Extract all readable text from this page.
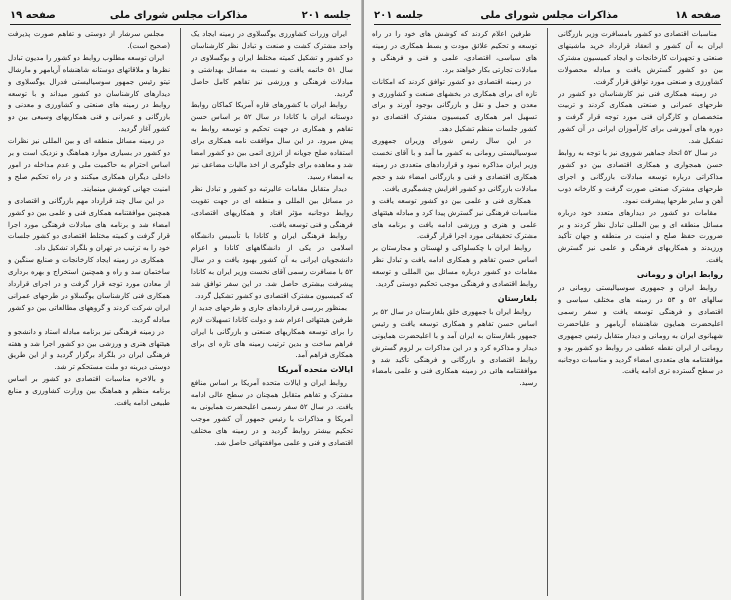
جلسه ۲۰۱
مذاکرات مجلس شورای ملی
صفحه ۱۹

ایران وزرات کشاورزی یوگسلاوی در زمینه ایجاد یک واحد مشترک کشت و صنعت و تبادل نظر کارشناسان دو کشور و تشکیل کمیته مختلط ایران و یوگسلاوی در سال ۵۱ خاتمه یافت و نسبت به مسائل بهداشتی و مبادلات فرهنگی و ورزشی نیز تفاهم کامل حاصل گردید.

روابط ایران با کشورهای قاره آمریکا کماکان روابط دوستانه ایران با کانادا در سال ۵۲ بر اساس حسن تفاهم و همکاری در جهت تحکیم و توسعه روابط به پیش میرود. در این سال موافقت نامه همکاری برای استفاده صلح جویانه از انرژی اتمی بین دو کشور امضا شد و معاهده برای جلوگیری از اخذ مالیات مضاعف نیز به امضاء رسید.

دیدار متقابل مقامات عالیرتبه دو کشور و تبادل نظر در مسائل بین المللی و منطقه ای در جهت تقویت روابط دوجانبه مؤثر افتاد و همکاریهای اقتصادی، فرهنگی و فنی توسعه یافت.

روابط فرهنگی ایران و کانادا با تأسیس دانشگاه اسلامی در یکی از دانشگاههای کانادا و اعزام دانشجویان ایرانی به آن کشور بهبود یافت و در سال ۵۲ با مسافرت رسمی آقای نخست وزیر ایران به کانادا پیشرفت بیشتری حاصل شد. در این سفر توافق شد که کمیسیون مشترک اقتصادی دو کشور تشکیل گردد.

بمنظور بررسی قراردادهای جاری و طرحهای جدید از طرفین هیئتهائی اعزام شد و دولت کانادا تسهیلات لازم را برای توسعه همکاریهای صنعتی و بازرگانی با ایران فراهم ساخت و بدین ترتیب زمینه های تازه ای برای همکاری فراهم آمد.

ایالات متحده آمریکا

روابط ایران و ایالات متحده آمریکا بر اساس منافع مشترک و تفاهم متقابل همچنان در سطح عالی ادامه یافت. در سال ۵۲ سفر رسمی اعلیحضرت همایونی به آمریکا و مذاکرات با رئیس جمهور آن کشور موجب تحکیم بیشتر روابط گردید و در زمینه های مختلف اقتصادی و فنی و علمی موافقتهائی حاصل شد.

مجلس سرشار از دوستی و تفاهم صورت پذیرفت (صحیح است).

ایران توسعه مطلوب روابط دو کشور را مدیون تبادل نظرها و ملاقاتهای دوستانه شاهنشاه آریامهر و مارشال تیتو رئیس جمهور سوسیالیستی فدرال یوگسلاوی و دیدارهای کارشناسان دو کشور میداند و با توسعه روابط در زمینه های صنعتی و کشاورزی و معدنی و بازرگانی و عمرانی و فنی همکاریهای وسیعی بین دو کشور آغاز گردید.

در زمینه مسائل منطقه ای و بین المللی نیز نظرات دو کشور در بسیاری موارد هماهنگ و نزدیک است و بر اساس احترام به حاکمیت ملی و عدم مداخله در امور داخلی دیگران همکاری میکنند و در راه تحکیم صلح و امنیت جهانی کوشش مینمایند.

در این سال چند قرارداد مهم بازرگانی و اقتصادی و همچنین موافقتنامه همکاری فنی و علمی بین دو کشور امضاء شد و برنامه های مبادلات فرهنگی مورد اجرا قرار گرفت و کمیته مختلط اقتصادی دو کشور جلسات خود را به ترتیب در تهران و بلگراد تشکیل داد.

همکاری در زمینه ایجاد کارخانجات و صنایع سنگین و ساختمان سد و راه و همچنین استخراج و بهره برداری از معادن مورد توجه قرار گرفت و در اجرای قرارداد همکاری فنی کارشناسان یوگسلاو در طرحهای عمرانی ایران شرکت کردند و گروههای مطالعاتی بین دو کشور مبادله گردید.

در زمینه فرهنگی نیز برنامه مبادله استاد و دانشجو و هیئتهای هنری و ورزشی بین دو کشور اجرا شد و هفته فرهنگی ایران در بلگراد برگزار گردید و از این طریق دوستی دیرینه دو ملت مستحکم تر شد.

و بالاخره مناسبات اقتصادی دو کشور بر اساس برنامه منظم و هماهنگ بین وزارت کشاورزی و منابع طبیعی ادامه یافت.

صفحه ۱۸
مذاکرات مجلس شورای ملی
جلسه ۲۰۱

مناسبات اقتصادی دو کشور بامسافرت وزیر بازرگانی ایران به آن کشور و انعقاد قرارداد خرید ماشینهای صنعتی و تجهیزات کارخانجات و ایجاد کمیسیون مشترک بین دو کشور گسترش یافت و مبادله محصولات کشاورزی و صنعتی مورد توافق قرار گرفت.

در زمینه همکاری فنی نیز کارشناسان دو کشور در طرحهای عمرانی و صنعتی همکاری کردند و تربیت متخصصان و کارگران فنی مورد توجه قرار گرفت و دوره های آموزشی برای کارآموزان ایرانی در آن کشور تشکیل شد.

در سال ۵۲ اتحاد جماهیر شوروی نیز با توجه به روابط حسن همجواری و همکاری اقتصادی بین دو کشور مذاکراتی درباره توسعه مبادلات بازرگانی و اجرای طرحهای مشترک صنعتی صورت گرفت و کارخانه ذوب آهن و سایر طرحها پیشرفت نمود.

مقامات دو کشور در دیدارهای متعدد خود درباره مسائل منطقه ای و بین المللی تبادل نظر کردند و بر ضرورت حفظ صلح و امنیت در منطقه و جهان تأکید ورزیدند و همکاریهای فرهنگی و علمی نیز گسترش یافت.

روابط ایران و رومانی

روابط ایران و جمهوری سوسیالیستی رومانی در سالهای ۵۲ و ۵۳ در زمینه های مختلف سیاسی و اقتصادی و فرهنگی توسعه یافت و سفر رسمی اعلیحضرت همایون شاهنشاه آریامهر و علیاحضرت شهبانوی ایران به رومانی و دیدار متقابل رئیس جمهوری رومانی از ایران نقطه عطفی در روابط دو کشور بود و موافقتنامه های متعددی امضاء گردید و مناسبات دوجانبه در سطح گسترده تری ادامه یافت.

طرفین اعلام کردند که کوشش های خود را در راه توسعه و تحکیم علائق مودت و بسط همکاری در زمینه های سیاسی، اقتصادی، علمی و فنی و فرهنگی و مبادلات تجارتی بکار خواهند برد.

در زمینه اقتصادی دو کشور توافق کردند که امکانات تازه ای برای همکاری در بخشهای صنعت و کشاورزی و معدن و حمل و نقل و بازرگانی بوجود آورند و برای تسهیل امر همکاری کمیسیون مشترک اقتصادی دو کشور جلسات منظم تشکیل دهد.

در این سال رئیس شورای وزیران جمهوری سوسیالیستی رومانی به کشور ما آمد و با آقای نخست وزیر ایران مذاکره نمود و قراردادهای متعددی در زمینه همکاری اقتصادی و فنی و بازرگانی امضاء شد و حجم مبادلات بازرگانی دو کشور افزایش چشمگیری یافت.

همکاری فنی و علمی بین دو کشور توسعه یافت و مناسبات فرهنگی نیز گسترش پیدا کرد و مبادله هیئتهای علمی و هنری و ورزشی ادامه یافت و برنامه های مشترک تحقیقاتی مورد اجرا قرار گرفت.

روابط ایران با چکسلواکی و لهستان و مجارستان بر اساس حسن تفاهم و همکاری ادامه یافت و تبادل نظر مقامات دو کشور درباره مسائل بین المللی و توسعه روابط اقتصادی و فرهنگی موجب تحکیم دوستی گردید.

بلغارستان

روابط ایران با جمهوری خلق بلغارستان در سال ۵۲ بر اساس حسن تفاهم و همکاری توسعه یافت و رئیس جمهور بلغارستان به ایران آمد و با اعلیحضرت همایونی دیدار و مذاکره کرد و در این مذاکرات بر لزوم گسترش روابط اقتصادی و بازرگانی و فرهنگی تأکید شد و موافقتنامه هائی در زمینه همکاری فنی و علمی بامضاء رسید.
